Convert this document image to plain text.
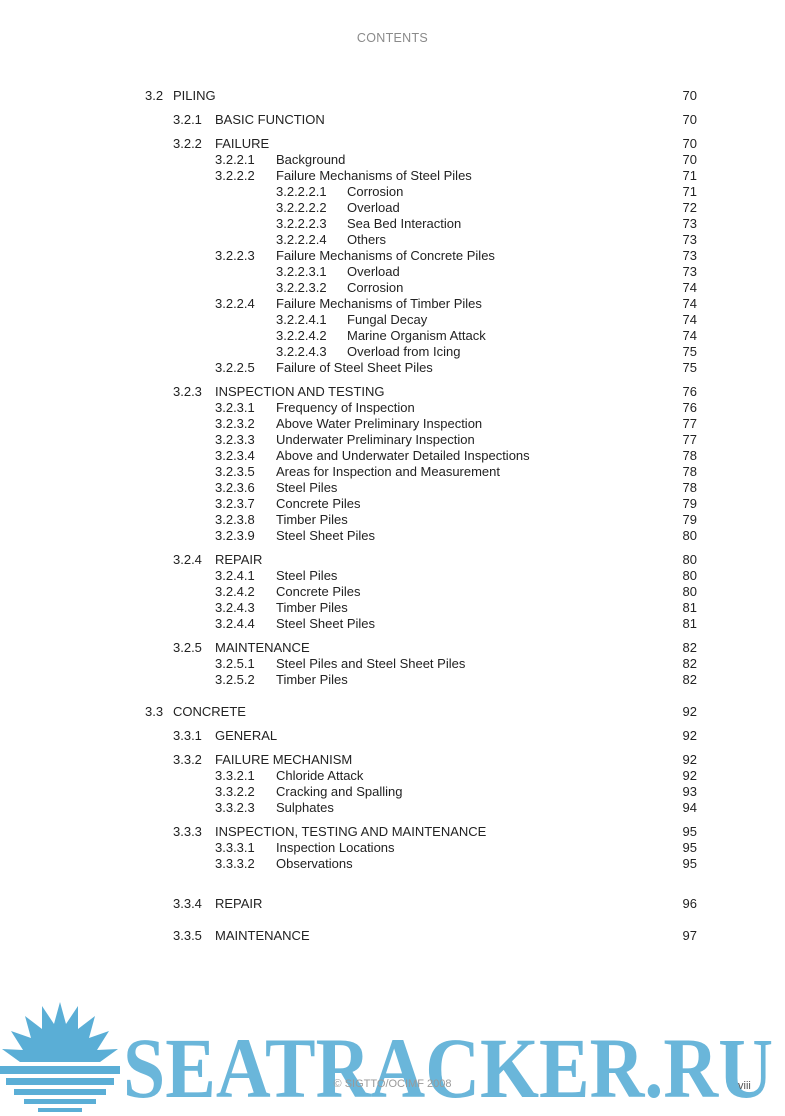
CONTENTS
3.2 PILING	70
3.2.1 BASIC FUNCTION	70
3.2.2 FAILURE	70
3.2.2.1 Background	70
3.2.2.2 Failure Mechanisms of Steel Piles	71
3.2.2.2.1 Corrosion	71
3.2.2.2.2 Overload	72
3.2.2.2.3 Sea Bed Interaction	73
3.2.2.2.4 Others	73
3.2.2.3 Failure Mechanisms of Concrete Piles	73
3.2.2.3.1 Overload	73
3.2.2.3.2 Corrosion	74
3.2.2.4 Failure Mechanisms of Timber Piles	74
3.2.2.4.1 Fungal Decay	74
3.2.2.4.2 Marine Organism Attack	74
3.2.2.4.3 Overload from Icing	75
3.2.2.5 Failure of Steel Sheet Piles	75
3.2.3 INSPECTION AND TESTING	76
3.2.3.1 Frequency of Inspection	76
3.2.3.2 Above Water Preliminary Inspection	77
3.2.3.3 Underwater Preliminary Inspection	77
3.2.3.4 Above and Underwater Detailed Inspections	78
3.2.3.5 Areas for Inspection and Measurement	78
3.2.3.6 Steel Piles	78
3.2.3.7 Concrete Piles	79
3.2.3.8 Timber Piles	79
3.2.3.9 Steel Sheet Piles	80
3.2.4 REPAIR	80
3.2.4.1 Steel Piles	80
3.2.4.2 Concrete Piles	80
3.2.4.3 Timber Piles	81
3.2.4.4 Steel Sheet Piles	81
3.2.5 MAINTENANCE	82
3.2.5.1 Steel Piles and Steel Sheet Piles	82
3.2.5.2 Timber Piles	82
3.3 CONCRETE	92
3.3.1 GENERAL	92
3.3.2 FAILURE MECHANISM	92
3.3.2.1 Chloride Attack	92
3.3.2.2 Cracking and Spalling	93
3.3.2.3 Sulphates	94
3.3.3 INSPECTION, TESTING AND MAINTENANCE	95
3.3.3.1 Inspection Locations	95
3.3.3.2 Observations	95
3.3.4 REPAIR	96
3.3.5 MAINTENANCE	97
SEATRACKER.RU
© SIGTTO/OCIMF 2008	viii
